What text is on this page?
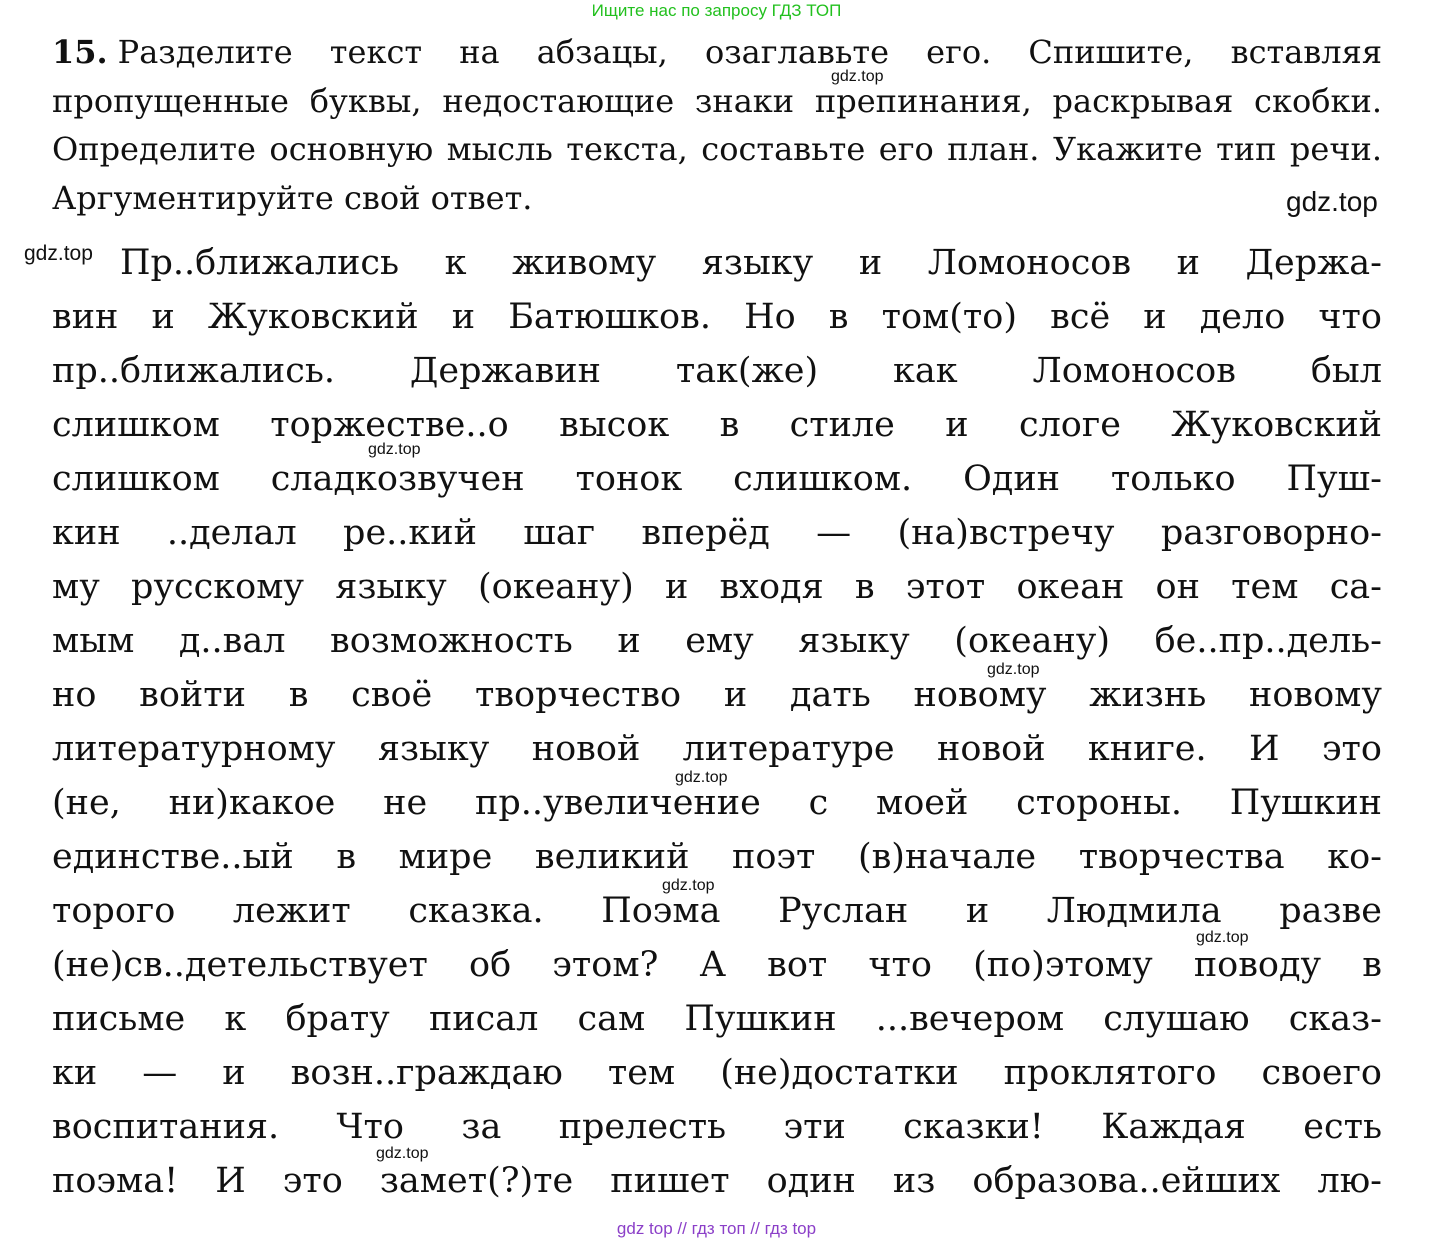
Ищите нас по запросу ГДЗ ТОП
15. Разделите текст на абзацы, озаглавьте его. Спишите, вставляя пропущенные буквы, недостающие знаки препинания, раскрывая скобки. Определите основную мысль текста, составьте его план. Укажите тип речи. Аргументируйте свой ответ.
Пр..ближались к живому языку и Ломоносов и Держа-
вин и Жуковский и Батюшков. Но в том(то) всё и дело что
пр..ближались. Державин так(же) как Ломоносов был
слишком торжестве..о высок в стиле и слоге Жуковский
слишком сладкозвучен тонок слишком. Один только Пуш-
кин ..делал ре..кий шаг вперёд — (на)встречу разговорно-
му русскому языку (океану) и входя в этот океан он тем са-
мым д..вал возможность и ему языку (океану) бе..пр..дель-
но войти в своё творчество и дать новому жизнь новому
литературному языку новой литературе новой книге. И это
(не, ни)какое не пр..увеличение с моей стороны. Пушкин
единстве..ый в мире великий поэт (в)начале творчества ко-
торого лежит сказка. Поэма Руслан и Людмила разве
(не)св..детельствует об этом? А вот что (по)этому поводу в
письме к брату писал сам Пушкин ...вечером слушаю сказ-
ки — и возн..граждаю тем (не)достатки проклятого своего
воспитания. Что за прелесть эти сказки! Каждая есть
поэма! И это замет(?)те пишет один из образова..ейших лю-
gdz.top
gdz.top
gdz.top
gdz.top
gdz.top
gdz.top
gdz.top
gdz.top
gdz.top
gdz top // гдз топ // гдз top
